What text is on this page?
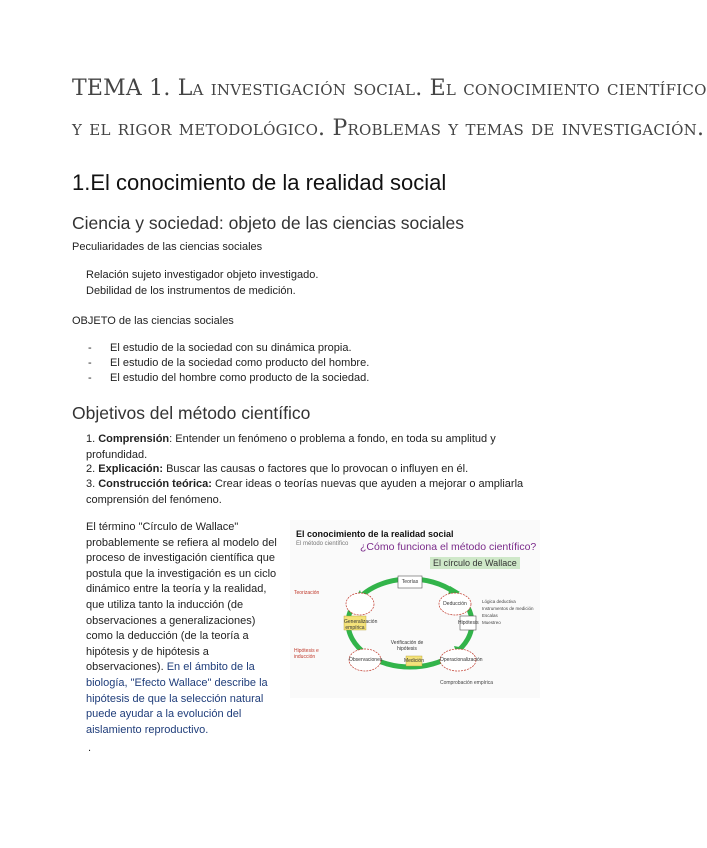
TEMA 1. La investigación social. El conocimiento científico
y el rigor metodológico. Problemas y temas de investigación.
1.El conocimiento de la realidad social
Ciencia y sociedad: objeto de las ciencias sociales
Peculiaridades de las ciencias sociales
Relación sujeto investigador objeto investigado.
Debilidad de los instrumentos de medición.
OBJETO de las ciencias sociales
- El estudio de la sociedad con su dinámica propia.
- El estudio de la sociedad como producto del hombre.
- El estudio del hombre como producto de la sociedad.
Objetivos del método científico
1. Comprensión: Entender un fenómeno o problema a fondo, en toda su amplitud y
profundidad.
2. Explicación: Buscar las causas o factores que lo provocan o influyen en él.
3. Construcción teórica: Crear ideas o teorías nuevas que ayuden a mejorar o ampliarla
comprensión del fenómeno.
El término "Círculo de Wallace"
probablemente se refiera al modelo del
proceso de investigación científica que
postula que la investigación es un ciclo
dinámico entre la teoría y la realidad,
que utiliza tanto la inducción (de
observaciones a generalizaciones)
como la deducción (de la teoría a
hipótesis y de hipótesis a
observaciones). En el ámbito de la
biología, "Efecto Wallace" describe la
hipótesis de que la selección natural
puede ayudar a la evolución del
aislamiento reproductivo.
.
El conocimiento de la realidad social
El método científico ¿Cómo funciona el método científico?
El círculo de Wallace
Teorización
Hipótesis e inducción
Teorías
Generalización empírica
Deducción
Hipótesis
Observaciones	Operacionalización
Medición
Verificación de hipótesis
Comprobación empírica
Lógica deductiva
Instrumentos de medición
Escalas
Muestreo
